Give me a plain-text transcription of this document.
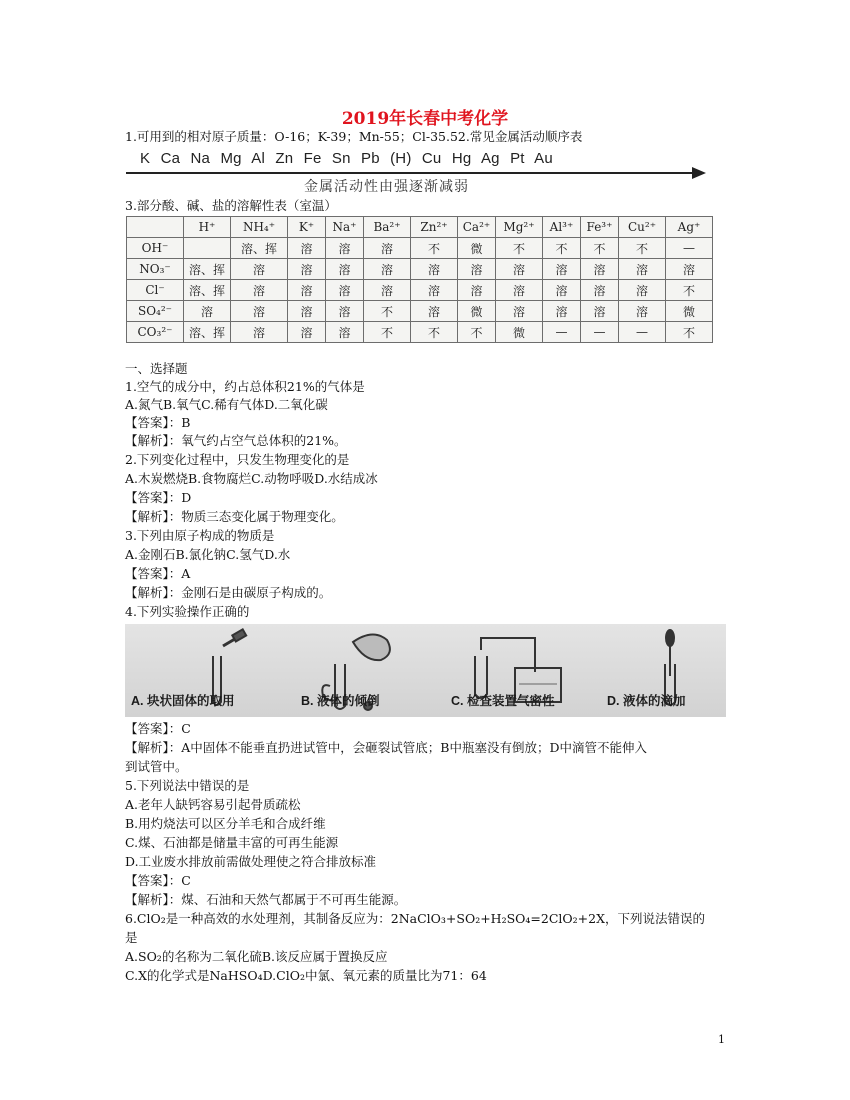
2019年长春中考化学
1.可用到的相对原子质量：O-16；K-39；Mn-55；Cl-35.52.常见金属活动顺序表
K Ca Na Mg Al Zn Fe Sn Pb (H) Cu Hg Ag Pt Au
金属活动性由强逐渐减弱
3.部分酸、碱、盐的溶解性表（室温）
	H⁺	NH₄⁺	K⁺	Na⁺	Ba²⁺	Zn²⁺	Ca²⁺	Mg²⁺	Al³⁺	Fe³⁺	Cu²⁺	Ag⁺
OH⁻		溶、挥	溶	溶	溶	不	微	不	不	不	不	—
NO₃⁻	溶、挥	溶	溶	溶	溶	溶	溶	溶	溶	溶	溶	溶
Cl⁻	溶、挥	溶	溶	溶	溶	溶	溶	溶	溶	溶	溶	不
SO₄²⁻	溶	溶	溶	溶	不	溶	微	溶	溶	溶	溶	微
CO₃²⁻	溶、挥	溶	溶	溶	不	不	不	微	—	—	—	不
一、选择题
1.空气的成分中，约占总体积21%的气体是
A.氮气B.氧气C.稀有气体D.二氧化碳
【答案】：B
【解析】：氧气约占空气总体积的21%。
2.下列变化过程中，只发生物理变化的是
A.木炭燃烧B.食物腐烂C.动物呼吸D.水结成冰
【答案】：D
【解析】：物质三态变化属于物理变化。
3.下列由原子构成的物质是
A.金刚石B.氯化钠C.氢气D.水
【答案】：A
【解析】：金刚石是由碳原子构成的。
4.下列实验操作正确的
A. 块状固体的取用	B. 液体的倾倒	C. 检查装置气密性	D. 液体的滴加
【答案】：C
【解析】：A中固体不能垂直扔进试管中，会砸裂试管底；B中瓶塞没有倒放；D中滴管不能伸入
到试管中。
5.下列说法中错误的是
A.老年人缺钙容易引起骨质疏松
B.用灼烧法可以区分羊毛和合成纤维
C.煤、石油都是储量丰富的可再生能源
D.工业废水排放前需做处理使之符合排放标准
【答案】：C
【解析】：煤、石油和天然气都属于不可再生能源。
6.ClO₂是一种高效的水处理剂，其制备反应为：2NaClO₃+SO₂+H₂SO₄=2ClO₂+2X，下列说法错误的
是
A.SO₂的名称为二氧化硫B.该反应属于置换反应
C.X的化学式是NaHSO₄D.ClO₂中氯、氧元素的质量比为71：64
1
